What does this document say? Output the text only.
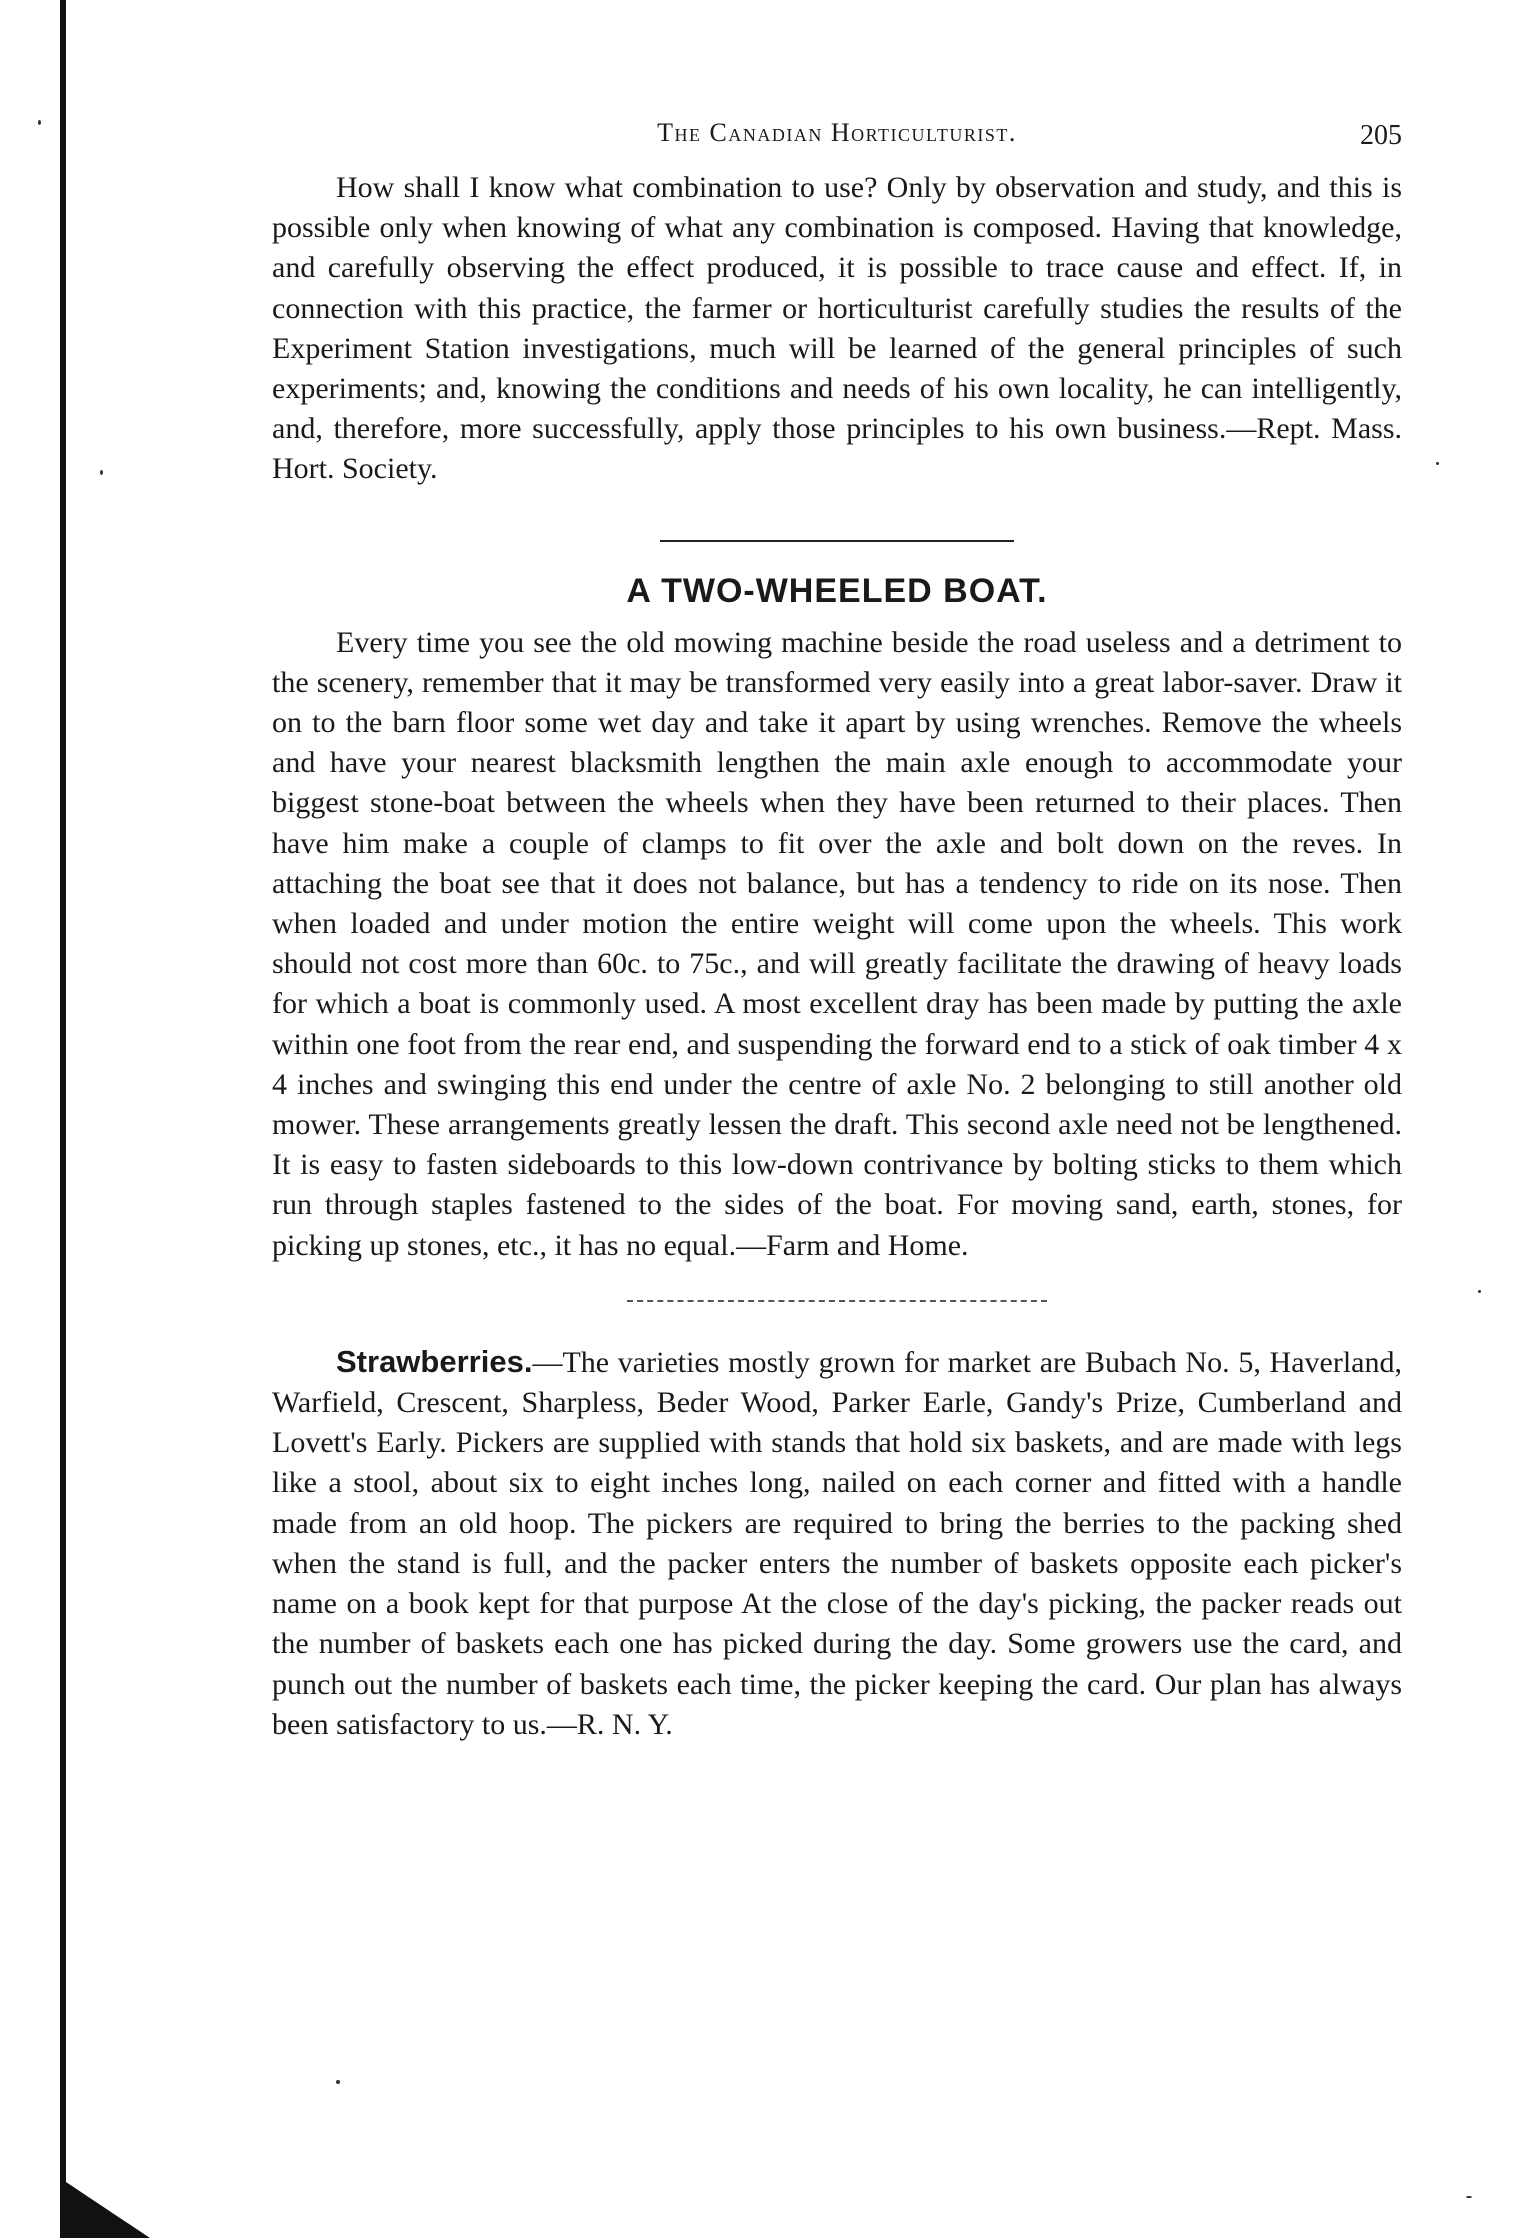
The Canadian Horticulturist.	205

How shall I know what combination to use? Only by observation and study, and this is possible only when knowing of what any combination is composed. Having that knowledge, and carefully observing the effect produced, it is possible to trace cause and effect. If, in connection with this practice, the farmer or horticulturist carefully studies the results of the Experiment Station investigations, much will be learned of the general principles of such experiments; and, knowing the conditions and needs of his own locality, he can intelligently, and, therefore, more successfully, apply those principles to his own business.—Rept. Mass. Hort. Society.

A TWO-WHEELED BOAT.

Every time you see the old mowing machine beside the road useless and a detriment to the scenery, remember that it may be transformed very easily into a great labor-saver. Draw it on to the barn floor some wet day and take it apart by using wrenches. Remove the wheels and have your nearest blacksmith lengthen the main axle enough to accommodate your biggest stone-boat between the wheels when they have been returned to their places. Then have him make a couple of clamps to fit over the axle and bolt down on the reves. In attaching the boat see that it does not balance, but has a tendency to ride on its nose. Then when loaded and under motion the entire weight will come upon the wheels. This work should not cost more than 60c. to 75c., and will greatly facilitate the drawing of heavy loads for which a boat is commonly used. A most excellent dray has been made by putting the axle within one foot from the rear end, and suspending the forward end to a stick of oak timber 4 x 4 inches and swinging this end under the centre of axle No. 2 belonging to still another old mower. These arrangements greatly lessen the draft. This second axle need not be lengthened. It is easy to fasten sideboards to this low-down contrivance by bolting sticks to them which run through staples fastened to the sides of the boat. For moving sand, earth, stones, for picking up stones, etc., it has no equal.—Farm and Home.

Strawberries.—The varieties mostly grown for market are Bubach No. 5, Haverland, Warfield, Crescent, Sharpless, Beder Wood, Parker Earle, Gandy's Prize, Cumberland and Lovett's Early. Pickers are supplied with stands that hold six baskets, and are made with legs like a stool, about six to eight inches long, nailed on each corner and fitted with a handle made from an old hoop. The pickers are required to bring the berries to the packing shed when the stand is full, and the packer enters the number of baskets opposite each picker's name on a book kept for that purpose At the close of the day's picking, the packer reads out the number of baskets each one has picked during the day. Some growers use the card, and punch out the number of baskets each time, the picker keeping the card. Our plan has always been satisfactory to us.—R. N. Y.
